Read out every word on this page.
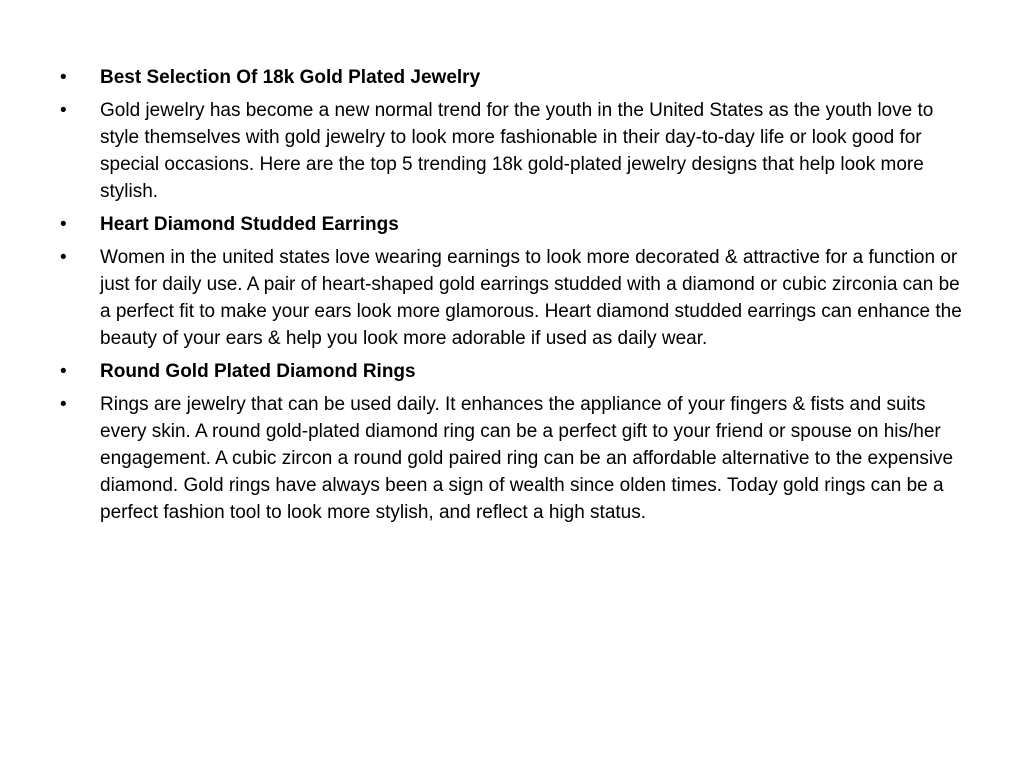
•	Best Selection Of 18k Gold Plated Jewelry
•	Gold jewelry has become a new normal trend for the youth in the United States as the youth love to style themselves with gold jewelry to look more fashionable in their day-to-day life or look good for special occasions. Here are the top 5 trending 18k gold-plated jewelry designs that help look more stylish.
•	Heart Diamond Studded Earrings
•	Women in the united states love wearing earnings to look more decorated & attractive for a function or just for daily use. A pair of heart-shaped gold earrings studded with a diamond or cubic zirconia can be a perfect fit to make your ears look more glamorous. Heart diamond studded earrings can enhance the beauty of your ears & help you look more adorable if used as daily wear.
•	Round Gold Plated Diamond Rings
•	Rings are jewelry that can be used daily. It enhances the appliance of your fingers & fists and suits every skin. A round gold-plated diamond ring can be a perfect gift to your friend or spouse on his/her engagement. A cubic zircon a round gold paired ring can be an affordable alternative to the expensive diamond. Gold rings have always been a sign of wealth since olden times. Today gold rings can be a perfect fashion tool to look more stylish, and reflect a high status.
